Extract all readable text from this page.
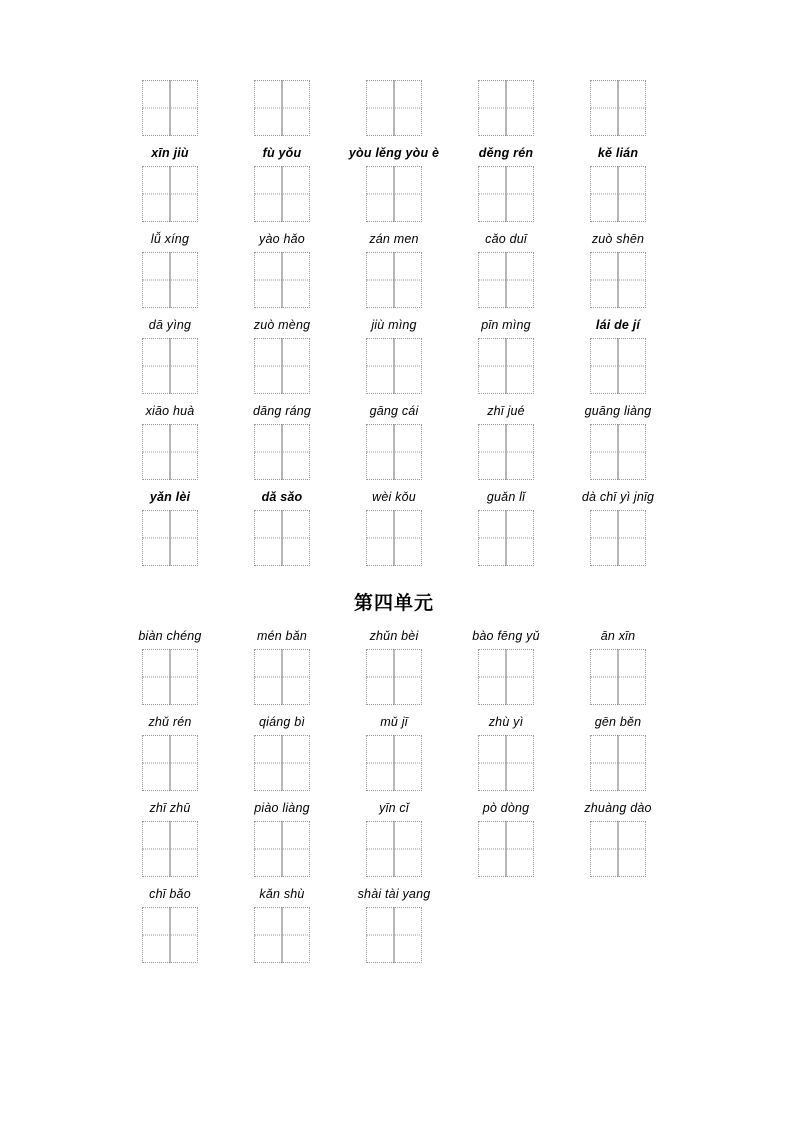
xīn jiù	fù yǒu	yòu lěng yòu è	děng rén	kě lián
lǚ xíng	yào hǎo	zán men	cǎo duī	zuò shēn
dā yìng	zuò mèng	jiù mìng	pīn mìng	lái de jí
xiāo huà	dāng ráng	gāng cái	zhī jué	guāng liàng
yǎn lèi	dǎ sǎo	wèi kǒu	guǎn lǐ	dà chī yì jnīg
第四单元
biàn chéng	mén bǎn	zhǔn bèi	bào fēng yǔ	ān xīn
zhǔ rén	qiáng bì	mǔ jī	zhù yì	gēn běn
zhī zhū	piào liàng	yīn cǐ	pò dòng	zhuàng dào
chī bǎo	kǎn shù	shài tài yang
